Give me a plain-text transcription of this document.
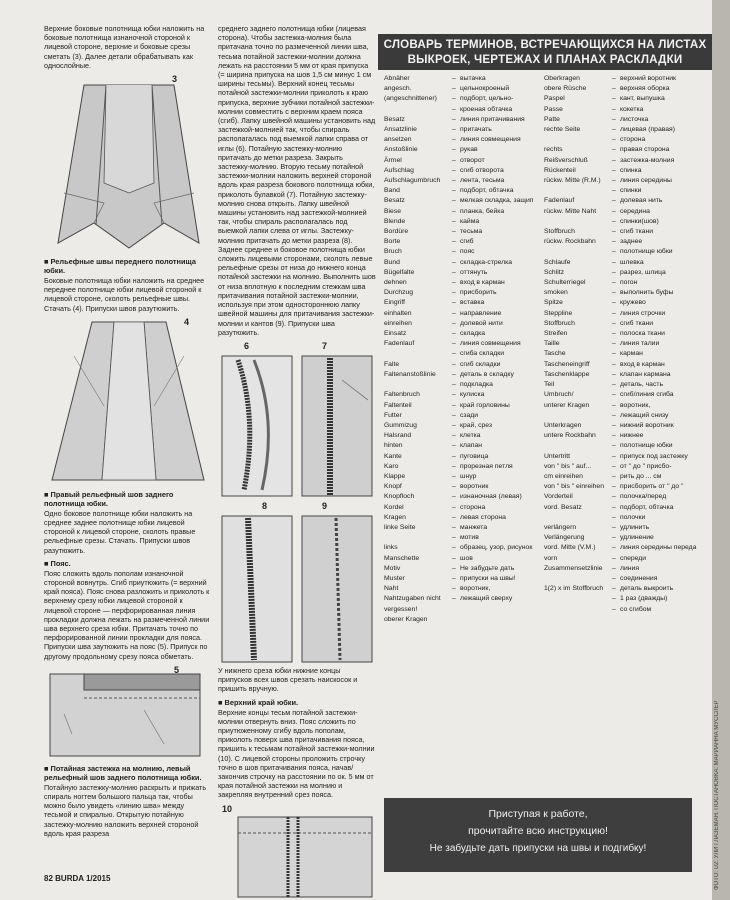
Верхние боковые полотнища юбки наложить на боковые полотнища изнаночной стороной к лицевой стороне, верхние и боковые срезы сметать (3). Далее детали обрабатывать как однослойные.

3
■ Рельефные швы переднего полотнища юбки.

Боковые полотнища юбки наложить на среднее переднее полотнище юбки лицевой стороной к лицевой стороне, сколоть рельефные швы. Стачать (4). Припуски швов разутюжить.

4
■ Правый рельефный шов заднего полотнища юбки.

Одно боковое полотнище юбки наложить на среднее заднее полотнище юбки лицевой стороной к лицевой стороне, сколоть правые рельефные срезы. Стачать. Припуски швов разутюжить.

■ Пояс.

Пояс сложить вдоль пополам изнаночной стороной вовнутрь. Сгиб приутюжить (= верхний край пояса). Пояс снова разложить и приколоть к верхнему срезу юбки лицевой стороной к лицевой стороне — перфорированная линия прокладки должна лежать на размеченной линии шва верхнего среза юбки. Притачать точно по перфорированной линии прокладки для пояса. Припуски шва заутюжить на пояс (5). Припуск по другому продольному срезу пояса обметать.

5
■ Потайная застежка на молнию, левый рельефный шов заднего полотнища юбки.

Потайную застежку-молнию раскрыть и прижать спираль ногтем большого пальца так, чтобы можно было увидеть «линию шва» между тесьмой и спиралью. Открытую потайную застежку-молнию наложить верхней стороной вдоль края разреза

среднего заднего полотнища юбки (лицевая сторона). Чтобы застежка-молния была притачана точно по размеченной линии шва, тесьма потайной застежки-молнии должна лежать на расстоянии 5 мм от края припуска (= ширина припуска на шов 1,5 см минус 1 см ширины тесьмы). Верхний конец тесьмы потайной застежки-молнии приколоть к краю припуска, верхние зубчики потайной застежки-молнии совместить с верхним краем пояса (сгиб). Лапку швейной машины установить над застежкой-молнией так, чтобы спираль располагалась под выемкой лапки справа от иглы (6). Потайную застежку-молнию притачать до метки разреза. Закрыть застежку-молнию. Вторую тесьму потайной застежки-молнии наложить верхней стороной вдоль края разреза бокового полотнища юбки, приколоть булавкой (7). Потайную застежку-молнию снова открыть. Лапку швейной машины установить над застежкой-молнией так, чтобы спираль располагалась под выемкой лапки слева от иглы. Застежку-молнию притачать до метки разреза (8). Заднее среднее и боковое полотнища юбки сложить лицевыми сторонами, сколоть левые рельефные срезы от низа до нижнего конца потайной застежки на молнию. Выполнить шов от низа вплотную к последним стежкам шва притачивания потайной застежки-молнии, используя при этом одностороннюю лапку швейной машины для притачивания застежки-молнии и кантов (9). Припуски шва разутюжить.

6	7
8	9

У нижнего среза юбки нижние концы припусков всех швов срезать наискосок и пришить вручную.

■ Верхний край юбки.

Верхние концы тесьм потайной застежки-молнии отвернуть вниз. Пояс сложить по приутюженному сгибу вдоль пополам, приколоть поверх шва притачивания пояса, пришить к тесьмам потайной застежки-молнии (10). С лицевой стороны проложить строчку точно в шов притачивания пояса, начав/закончив строчку на расстоянии по ок. 5 мм от края потайной застежки на молнию и закрепляя внутренний срез пояса.

10
СЛОВАРЬ ТЕРМИНОВ, ВСТРЕЧАЮЩИХСЯ НА ЛИСТАХ
ВЫКРОЕК, ЧЕРТЕЖАХ И ПЛАНАХ РАСКЛАДКИ
Abnäher	– вытачка
angesch.	– цельнокроеный
(angeschnittener)	– подборт, цельно-
– кроеная обтачка
Besatz	– линия притачивания
Ansatzlinie	– притачать
ansetzen	– линия совмещения
Anstoßlinie	– рукав
Ärmel	– отворот
Aufschlag	– сгиб отворота
Aufschlagumbruch	– лента, тесьма
Band	– подборт, обтачка
Besatz	– мелкая складка, защип
Biese	– планка, бейка
Blende	– кайма
Bordüre	– тесьма
Borte	– сгиб
Bruch	– пояс
Bund	– складка-стрелка
Bügelfalte	– оттянуть
dehnen	– вход в карман
Durchzug	– присборить
Eingriff	– вставка
einhalten	– направление
einreihen	– долевой нити
Einsatz	– складка
Fadenlauf	– линия совмещения
– сгиба складки
Falte	– сгиб складки
Faltenanstoßlinie	– деталь в складку
– подкладка
Faltenbruch	– кулиска
Faltenteil	– край горловины
Futter	– сзади
Gummizug	– край, срез
Halsrand	– клетка
hinten	– клапан
Kante	– пуговица
Karo	– прорезная петля
Klappe	– шнур
Knopf	– воротник
Knopfloch	– изнаночная (левая)
Kordel	– сторона
Kragen	– левая сторона
linke Seite	– манжета
– мотив
links	– образец, узор, рисунок
Manschette	– шов
Motiv	– Не забудьте дать
Muster	– припуски на швы!
Naht	– воротник,
Nahtzugaben nicht	– лежащий сверху
vergessen!
oberer Kragen
Oberkragen	– верхний воротник
obere Rüsche	– верхняя оборка
Paspel	– кант, выпушка
Passe	– кокетка
Patte	– листочка
rechte Seite	– лицевая (правая)
– сторона
rechts	– правая сторона
Reißverschluß	– застежка-молния
Rückenteil	– спинка
rückw. Mitte (R.M.)	– линия середины
– спинки
Fadenlauf	– долевая нить
rückw. Mitte Naht	– середина
– спинки(шов)
Stoffbruch	– сгиб ткани
rückw. Rockbahn	– заднее
– полотнище юбки
Schlaufe	– шлевка
Schlitz	– разрез, шлица
Schulterriegel	– погон
smoken	– выполнить буфы
Spitze	– кружево
Steppline	– линия строчки
Stoffbruch	– сгиб ткани
Streifen	– полоска ткани
Taille	– линия талии
Tasche	– карман
Tascheneingriff	– вход в карман
Taschenklappe	– клапан кармана
Teil	– деталь, часть
Umbruch/	– сгиб/линия сгиба
unterer Kragen	– воротник,
– лежащий снизу
Unterkragen	– нижний воротник
untere Rockbahn	– нижнее
– полотнище юбки
Untertritt	– припуск под застежку
von " bis " auf...	– от " до " присбо-
cm einreihen	– рить до ... см
von " bis " einreihen	– присборить от " до "
Vorderteil	– полочка/перед
vord. Besatz	– подборт, обтачка
– полочки
verlängern	– удлинить
Verlängerung	– удлинение
vord. Mitte (V.M.)	– линия середины переда
vorn	– спереди
Zusammensetzlinie	– линия
– соединения
1(2) x im Stoffbruch	– деталь выкроить
– 1 раз (дважды)
– со сгибом
Приступая к работе,
прочитайте всю инструкцию!
Не забудьте дать припуски на швы и подгибку!
82 BURDA 1/2015	ФОТО: U2: УЛИ ГЛАЗЕМАН. ПОСТАНОВКА: МАРИАННА МУССЛЕР
